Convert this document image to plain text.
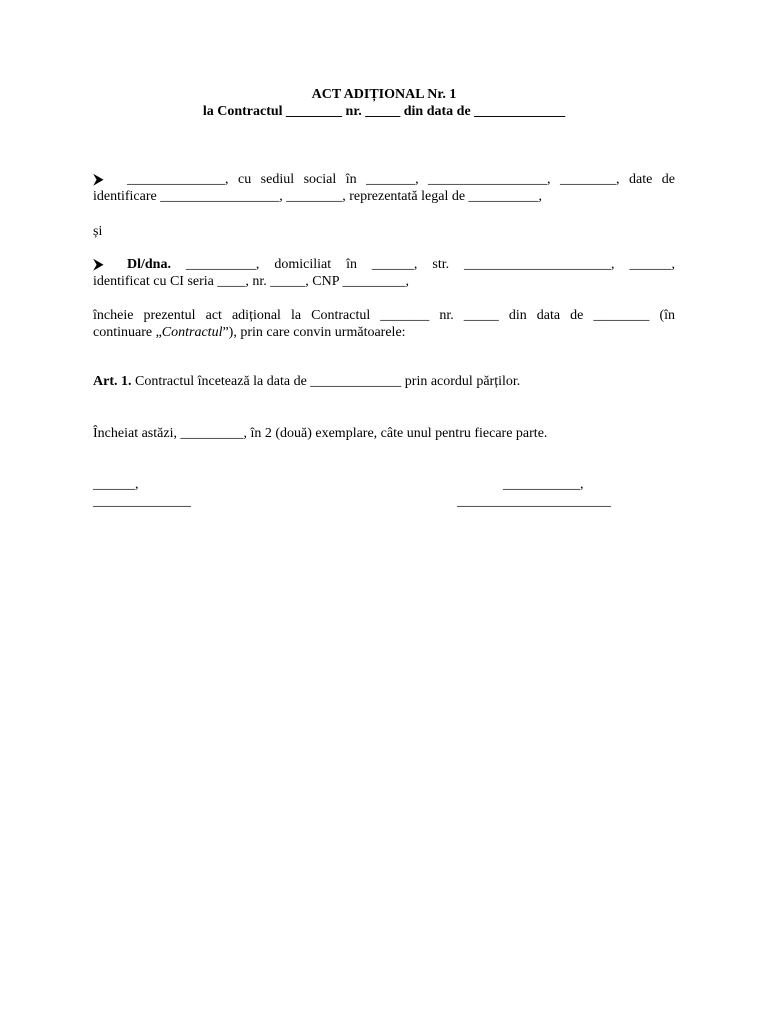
ACT ADIȚIONAL Nr. 1

la Contractul ________ nr. _____ din data de _____________

⮞ ______________, cu sediul social în _______, _________________, ________, date de
identificare _________________, ________, reprezentată legal de __________,
și
⮞ Dl/dna. __________, domiciliat în ______, str. _____________________, ______,
identificat cu CI seria ____, nr. _____, CNP _________,
încheie prezentul act adițional la Contractul _______ nr. _____ din data de ________ (în
continuare „Contractul”), prin care convin următoarele:
Art. 1. Contractul încetează la data de _____________ prin acordul părților.
Încheiat astăzi, _________, în 2 (două) exemplare, câte unul pentru fiecare parte.

______,

______________

___________,

______________________
